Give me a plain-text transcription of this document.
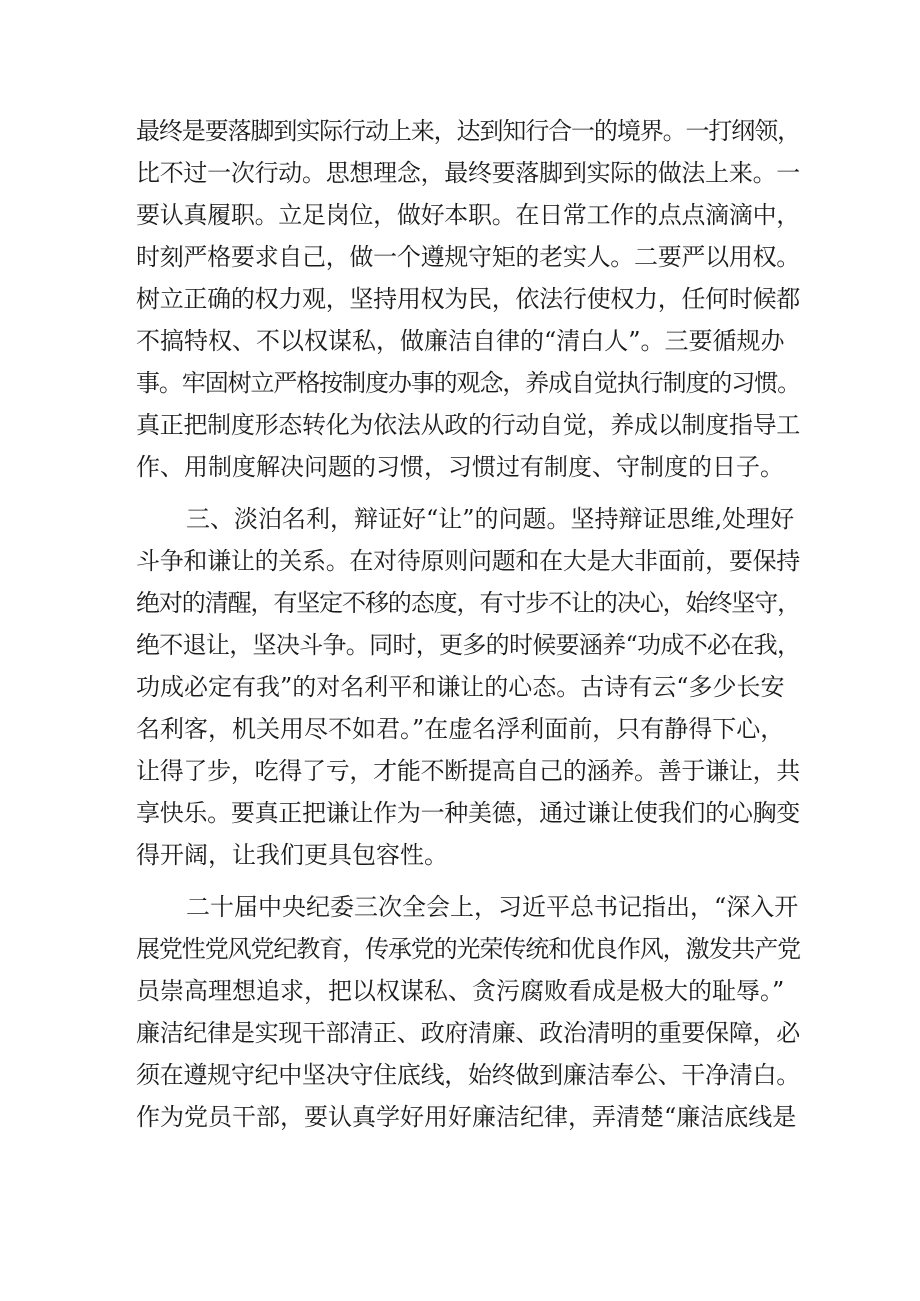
最终是要落脚到实际行动上来，达到知行合一的境界。一打纲领，
比不过一次行动。思想理念，最终要落脚到实际的做法上来。一
要认真履职。立足岗位，做好本职。在日常工作的点点滴滴中，
时刻严格要求自己，做一个遵规守矩的老实人。二要严以用权。
树立正确的权力观，坚持用权为民，依法行使权力，任何时候都
不搞特权、不以权谋私，做廉洁自律的“清白人”。三要循规办
事。牢固树立严格按制度办事的观念，养成自觉执行制度的习惯。
真正把制度形态转化为依法从政的行动自觉，养成以制度指导工
作、用制度解决问题的习惯，习惯过有制度、守制度的日子。
三、淡泊名利，辩证好“让”的问题。坚持辩证思维,处理好
斗争和谦让的关系。在对待原则问题和在大是大非面前，要保持
绝对的清醒，有坚定不移的态度，有寸步不让的决心，始终坚守，
绝不退让，坚决斗争。同时，更多的时候要涵养“功成不必在我，
功成必定有我”的对名利平和谦让的心态。古诗有云“多少长安
名利客，机关用尽不如君。”在虚名浮利面前，只有静得下心，
让得了步，吃得了亏，才能不断提高自己的涵养。善于谦让，共
享快乐。要真正把谦让作为一种美德，通过谦让使我们的心胸变
得开阔，让我们更具包容性。
二十届中央纪委三次全会上，习近平总书记指出，“深入开
展党性党风党纪教育，传承党的光荣传统和优良作风，激发共产党
员崇高理想追求，把以权谋私、贪污腐败看成是极大的耻辱。”
廉洁纪律是实现干部清正、政府清廉、政治清明的重要保障，必
须在遵规守纪中坚决守住底线，始终做到廉洁奉公、干净清白。
作为党员干部，要认真学好用好廉洁纪律，弄清楚“廉洁底线是
